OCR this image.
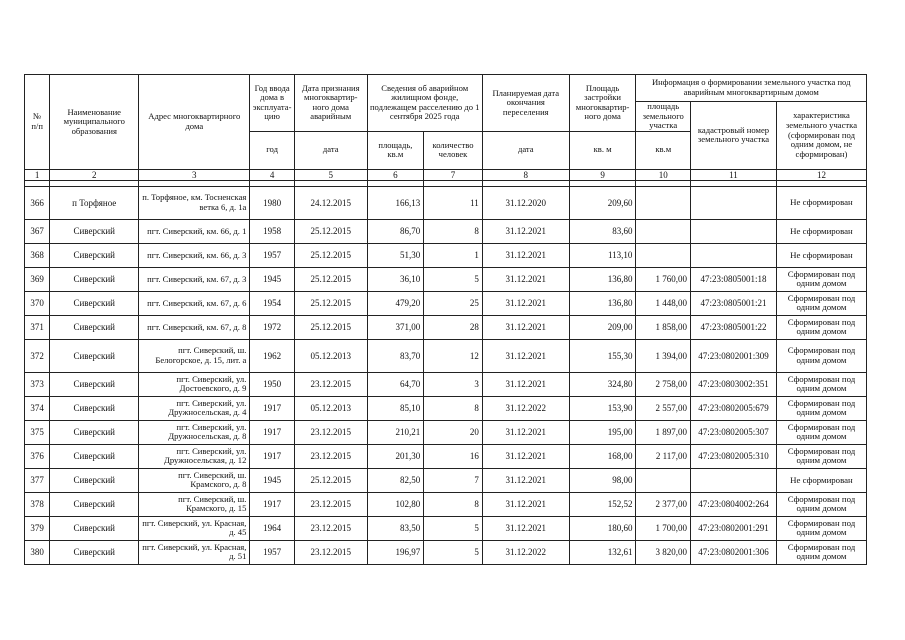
№
п/п	Наименование муниципального образования	Адрес многоквартирного дома	Год ввода дома в эксплуата-цию	Дата признания многоквартир-ного дома аварийным	Сведения об аварийном жилищном фонде, подлежащем расселению до 1 сентября 2025 года		Планируемая дата окончания переселения	Площадь застройки многоквартир-ного дома	Информация о формировании земельного участка под аварийным многоквартирным домом		
									площадь земельного участка	кадастровый номер земельного участка	характеристика земельного участка (сформирован под одним домом, не сформирован)
			год	дата	площадь, кв.м	количество человек	дата	кв. м	кв.м		
1	2	3	4	5	6	7	8	9	10	11	12

366	п Торфяное	п. Торфяное, км. Тосненская ветка 6, д. 1а	1980	24.12.2015	166,13	11	31.12.2020	209,60			Не сформирован
367	Сиверский	пгт. Сиверский, км. 66, д. 1	1958	25.12.2015	86,70	8	31.12.2021	83,60			Не сформирован
368	Сиверский	пгт. Сиверский, км. 66, д. 3	1957	25.12.2015	51,30	1	31.12.2021	113,10			Не сформирован
369	Сиверский	пгт. Сиверский, км. 67, д. 3	1945	25.12.2015	36,10	5	31.12.2021	136,80	1 760,00	47:23:0805001:18	Сформирован под одним домом
370	Сиверский	пгт. Сиверский, км. 67, д. 6	1954	25.12.2015	479,20	25	31.12.2021	136,80	1 448,00	47:23:0805001:21	Сформирован под одним домом
371	Сиверский	пгт. Сиверский, км. 67, д. 8	1972	25.12.2015	371,00	28	31.12.2021	209,00	1 858,00	47:23:0805001:22	Сформирован под одним домом
372	Сиверский	пгт. Сиверский, ш. Белогорское, д. 15, лит. а	1962	05.12.2013	83,70	12	31.12.2021	155,30	1 394,00	47:23:0802001:309	Сформирован под одним домом
373	Сиверский	пгт. Сиверский, ул. Достоевского, д. 9	1950	23.12.2015	64,70	3	31.12.2021	324,80	2 758,00	47:23:0803002:351	Сформирован под одним домом
374	Сиверский	пгт. Сиверский, ул. Дружносельская, д. 4	1917	05.12.2013	85,10	8	31.12.2022	153,90	2 557,00	47:23:0802005:679	Сформирован под одним домом
375	Сиверский	пгт. Сиверский, ул. Дружносельская, д. 8	1917	23.12.2015	210,21	20	31.12.2021	195,00	1 897,00	47:23:0802005:307	Сформирован под одним домом
376	Сиверский	пгт. Сиверский, ул. Дружносельская, д. 12	1917	23.12.2015	201,30	16	31.12.2021	168,00	2 117,00	47:23:0802005:310	Сформирован под одним домом
377	Сиверский	пгт. Сиверский, ш. Крамского, д. 8	1945	25.12.2015	82,50	7	31.12.2021	98,00			Не сформирован
378	Сиверский	пгт. Сиверский, ш. Крамского, д. 15	1917	23.12.2015	102,80	8	31.12.2021	152,52	2 377,00	47:23:0804002:264	Сформирован под одним домом
379	Сиверский	пгт. Сиверский, ул. Красная, д. 45	1964	23.12.2015	83,50	5	31.12.2021	180,60	1 700,00	47:23:0802001:291	Сформирован под одним домом
380	Сиверский	пгт. Сиверский, ул. Красная, д. 51	1957	23.12.2015	196,97	5	31.12.2022	132,61	3 820,00	47:23:0802001:306	Сформирован под одним домом
